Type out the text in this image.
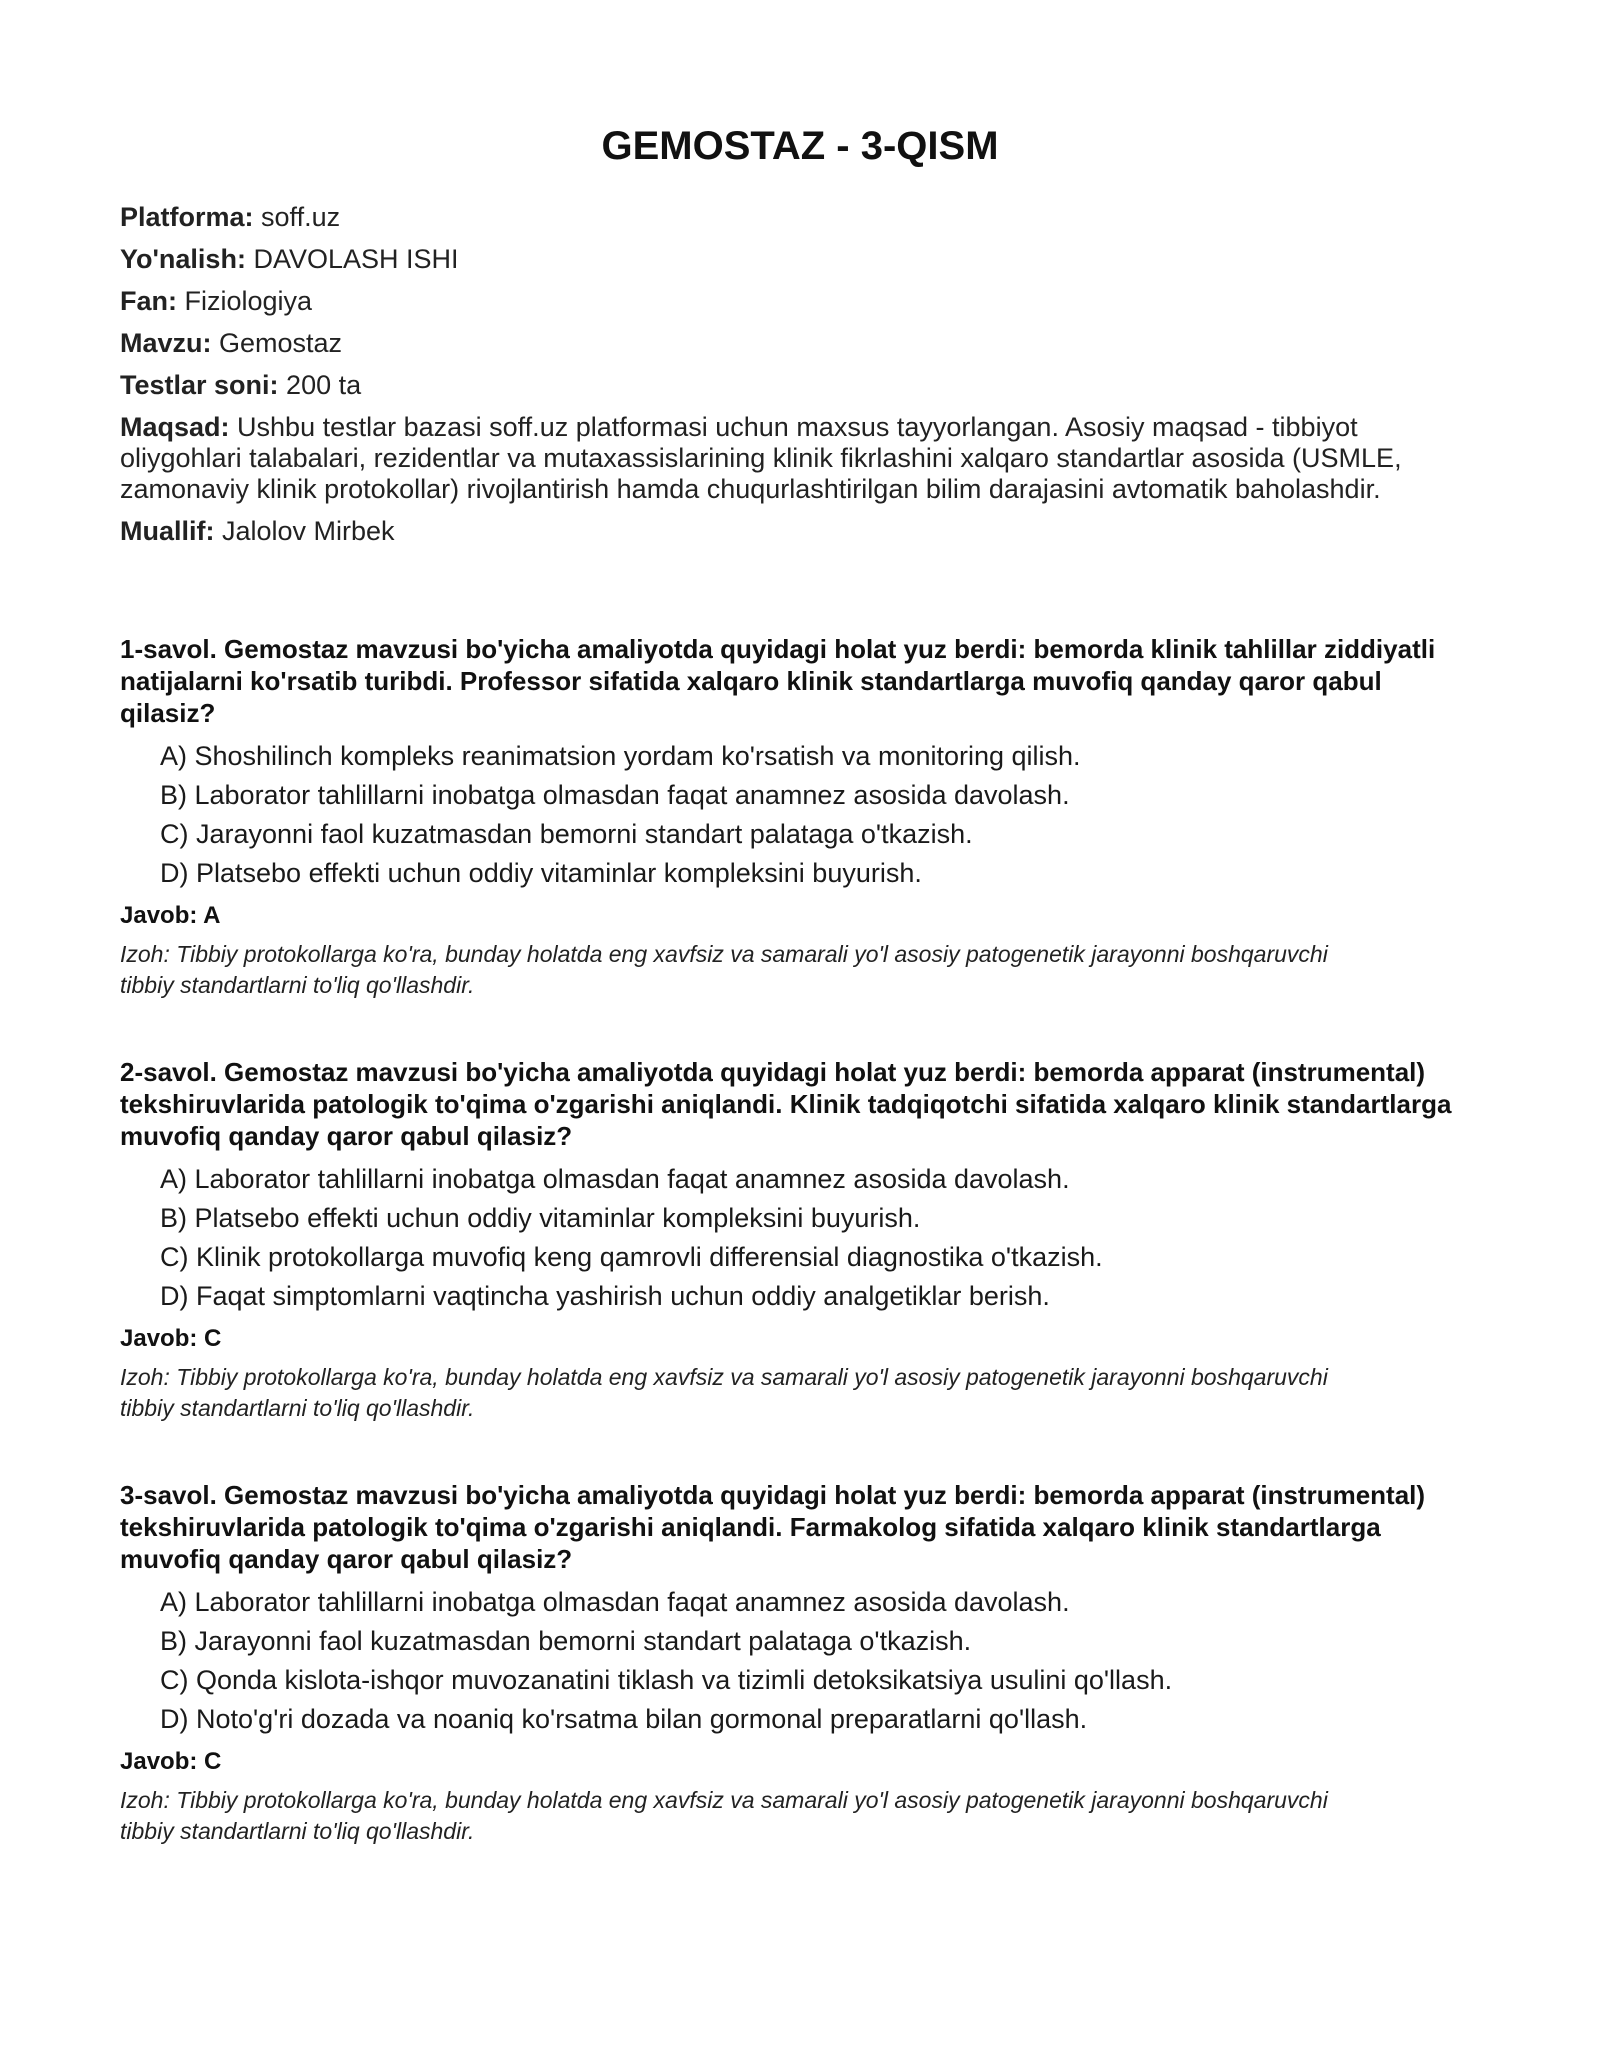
GEMOSTAZ - 3-QISM
Platforma: soff.uz
Yo'nalish: DAVOLASH ISHI
Fan: Fiziologiya
Mavzu: Gemostaz
Testlar soni: 200 ta
Maqsad: Ushbu testlar bazasi soff.uz platformasi uchun maxsus tayyorlangan. Asosiy maqsad - tibbiyot oliygohlari talabalari, rezidentlar va mutaxassislarining klinik fikrlashini xalqaro standartlar asosida (USMLE, zamonaviy klinik protokollar) rivojlantirish hamda chuqurlashtirilgan bilim darajasini avtomatik baholashdir.
Muallif: Jalolov Mirbek

1-savol. Gemostaz mavzusi bo'yicha amaliyotda quyidagi holat yuz berdi: bemorda klinik tahlillar ziddiyatli natijalarni ko'rsatib turibdi. Professor sifatida xalqaro klinik standartlarga muvofiq qanday qaror qabul qilasiz?

A) Shoshilinch kompleks reanimatsion yordam ko'rsatish va monitoring qilish.
B) Laborator tahlillarni inobatga olmasdan faqat anamnez asosida davolash.
C) Jarayonni faol kuzatmasdan bemorni standart palataga o'tkazish.
D) Platsebo effekti uchun oddiy vitaminlar kompleksini buyurish.
Javob: A
Izoh: Tibbiy protokollarga ko'ra, bunday holatda eng xavfsiz va samarali yo'l asosiy patogenetik jarayonni boshqaruvchi tibbiy standartlarni to'liq qo'llashdir.

2-savol. Gemostaz mavzusi bo'yicha amaliyotda quyidagi holat yuz berdi: bemorda apparat (instrumental) tekshiruvlarida patologik to'qima o'zgarishi aniqlandi. Klinik tadqiqotchi sifatida xalqaro klinik standartlarga muvofiq qanday qaror qabul qilasiz?

A) Laborator tahlillarni inobatga olmasdan faqat anamnez asosida davolash.
B) Platsebo effekti uchun oddiy vitaminlar kompleksini buyurish.
C) Klinik protokollarga muvofiq keng qamrovli differensial diagnostika o'tkazish.
D) Faqat simptomlarni vaqtincha yashirish uchun oddiy analgetiklar berish.
Javob: C
Izoh: Tibbiy protokollarga ko'ra, bunday holatda eng xavfsiz va samarali yo'l asosiy patogenetik jarayonni boshqaruvchi tibbiy standartlarni to'liq qo'llashdir.

3-savol. Gemostaz mavzusi bo'yicha amaliyotda quyidagi holat yuz berdi: bemorda apparat (instrumental) tekshiruvlarida patologik to'qima o'zgarishi aniqlandi. Farmakolog sifatida xalqaro klinik standartlarga muvofiq qanday qaror qabul qilasiz?

A) Laborator tahlillarni inobatga olmasdan faqat anamnez asosida davolash.
B) Jarayonni faol kuzatmasdan bemorni standart palataga o'tkazish.
C) Qonda kislota-ishqor muvozanatini tiklash va tizimli detoksikatsiya usulini qo'llash.
D) Noto'g'ri dozada va noaniq ko'rsatma bilan gormonal preparatlarni qo'llash.
Javob: C
Izoh: Tibbiy protokollarga ko'ra, bunday holatda eng xavfsiz va samarali yo'l asosiy patogenetik jarayonni boshqaruvchi tibbiy standartlarni to'liq qo'llashdir.
